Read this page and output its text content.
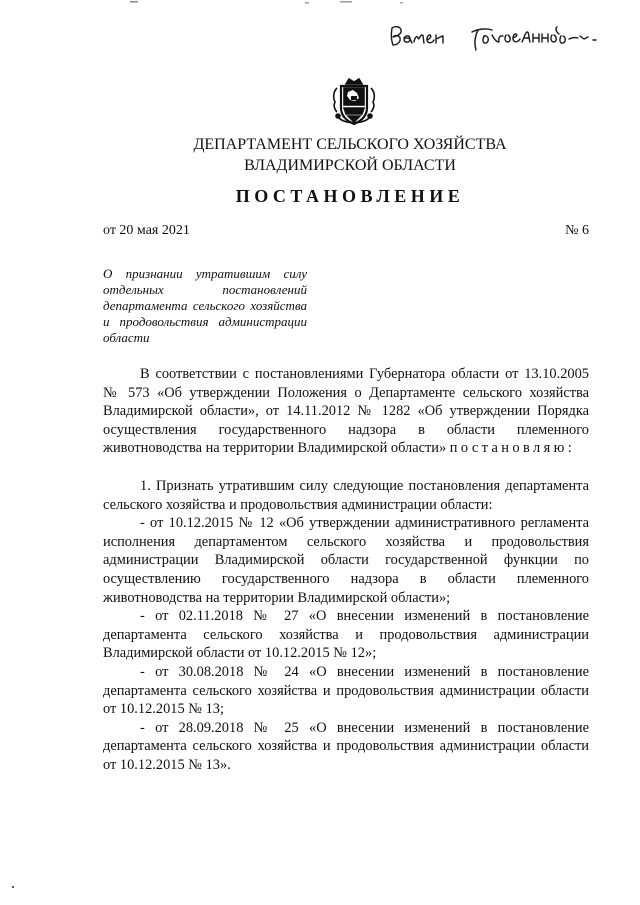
ДЕПАРТАМЕНТ СЕЛЬСКОГО ХОЗЯЙСТВА
ВЛАДИМИРСКОЙ ОБЛАСТИ
ПОСТАНОВЛЕНИЕ
от 20 мая 2021	№ 6
О признании утратившим силу отдельных постановлений департамента сельского хозяйства и продовольствия администрации области

В соответствии с постановлениями Губернатора области от 13.10.2005 № 573 «Об утверждении Положения о Департаменте сельского хозяйства Владимирской области», от 14.11.2012 № 1282 «Об утверждении Порядка осуществления государственного надзора в области племенного животноводства на территории Владимирской области» постановляю:

1. Признать утратившим силу следующие постановления департамента сельского хозяйства и продовольствия администрации области:

- от 10.12.2015 № 12 «Об утверждении административного регламента исполнения департаментом сельского хозяйства и продовольствия администрации Владимирской области государственной функции по осуществлению государственного надзора в области племенного животноводства на территории Владимирской области»;

- от 02.11.2018 № 27 «О внесении изменений в постановление департамента сельского хозяйства и продовольствия администрации Владимирской области от 10.12.2015 № 12»;

- от 30.08.2018 № 24 «О внесении изменений в постановление департамента сельского хозяйства и продовольствия администрации области от 10.12.2015 № 13;

- от 28.09.2018 № 25 «О внесении изменений в постановление департамента сельского хозяйства и продовольствия администрации области от 10.12.2015 № 13».
